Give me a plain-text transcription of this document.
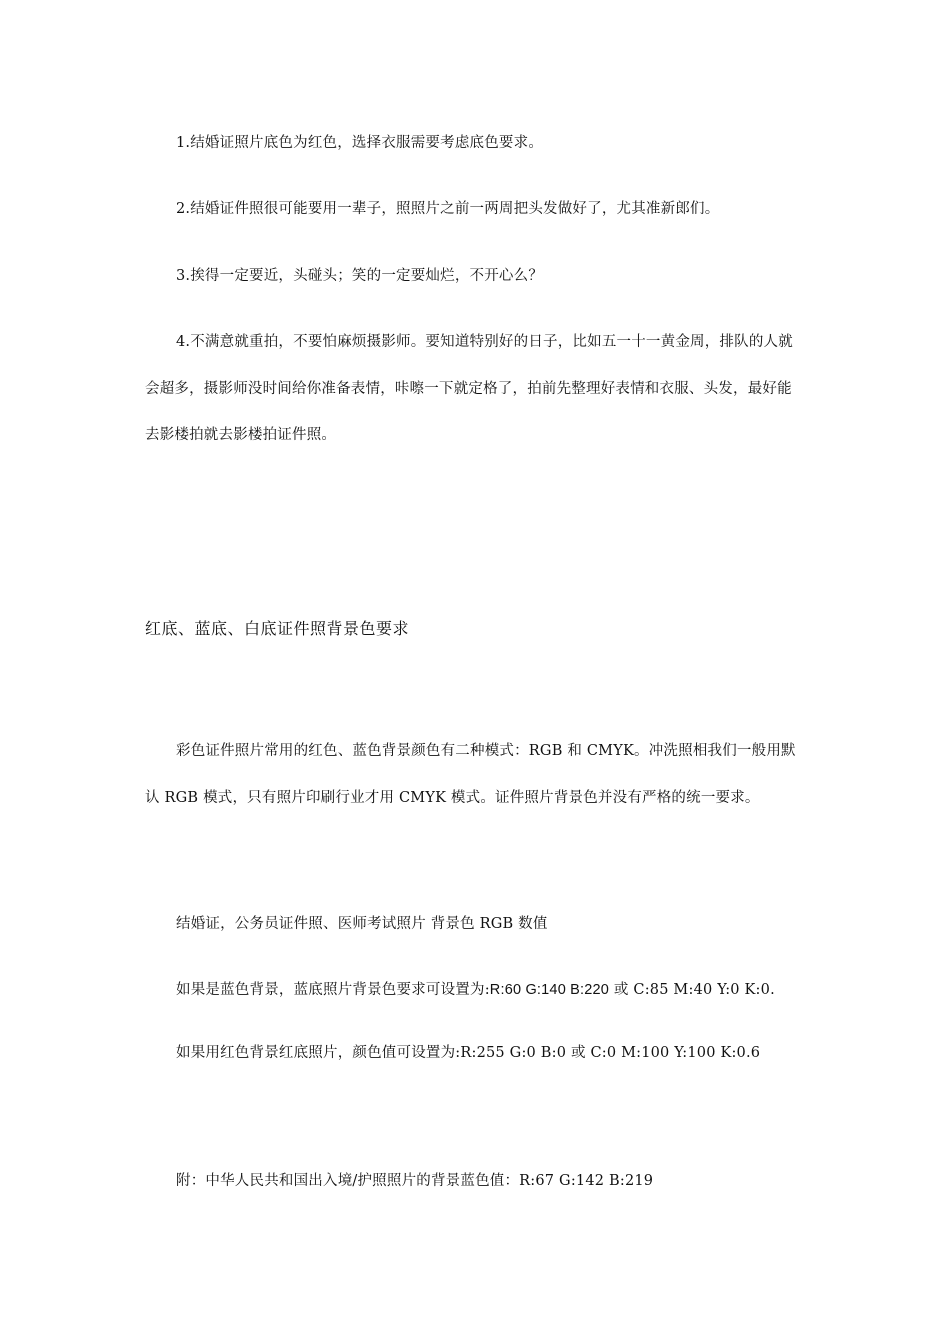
1.结婚证照片底色为红色，选择衣服需要考虑底色要求。
2.结婚证件照很可能要用一辈子，照照片之前一两周把头发做好了，尤其准新郎们。
3.挨得一定要近，头碰头；笑的一定要灿烂，不开心么？
4.不满意就重拍，不要怕麻烦摄影师。要知道特别好的日子，比如五一十一黄金周，排队的人就
会超多，摄影师没时间给你准备表情，咔嚓一下就定格了，拍前先整理好表情和衣服、头发，最好能
去影楼拍就去影楼拍证件照。
红底、蓝底、白底证件照背景色要求
彩色证件照片常用的红色、蓝色背景颜色有二种模式：RGB 和 CMYK。冲洗照相我们一般用默
认 RGB 模式，只有照片印刷行业才用 CMYK 模式。证件照片背景色并没有严格的统一要求。
结婚证，公务员证件照、医师考试照片 背景色 RGB 数值
如果是蓝色背景，蓝底照片背景色要求可设置为:R:60 G:140 B:220 或 C:85 M:40 Y:0 K:0.
如果用红色背景红底照片，颜色值可设置为:R:255 G:0 B:0 或 C:0 M:100 Y:100 K:0.6
附：中华人民共和国出入境/护照照片的背景蓝色值：R:67 G:142 B:219
